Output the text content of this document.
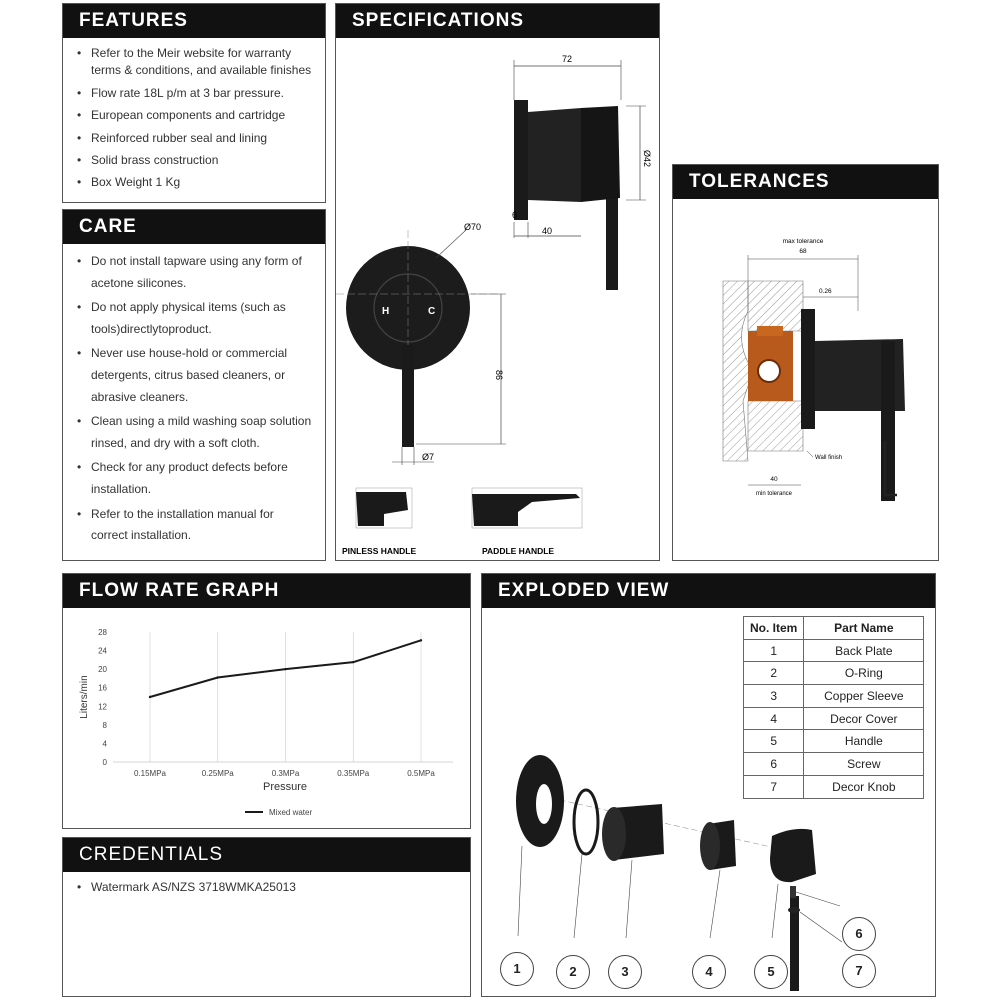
FEATURES
• Refer to the Meir website for warranty terms & conditions, and available finishes
• Flow rate 18L p/m at 3 bar pressure.
• European components and cartridge
• Reinforced rubber seal and lining
• Solid brass construction
• Box Weight 1 Kg
CARE
• Do not install tapware using any form of acetone silicones.
• Do not apply physical items (such as tools)directlytoproduct.
• Never use house-hold or commercial detergents, citrus based cleaners, or abrasive cleaners.
• Clean using a mild washing soap solution rinsed, and dry with a soft cloth.
• Check for any product defects before installation.
• Refer to the installation manual for correct installation.
SPECIFICATIONS
72
Ø42
6
40
H	C
Ø70
86
Ø7
PINLESS HANDLE	PADDLE HANDLE
TOLERANCES
max tolerance
68
0.26
Wall finish
40
min tolerance
FLOW RATE GRAPH
0.15MPa	0.25MPa	0.3MPa	0.35MPa	0.5MPa
0
4
8
12
16
20
24
28
Liters/min
Pressure
Mixed water
CREDENTIALS
• Watermark AS/NZS 3718WMKA25013
EXPLODED VIEW
No. Item	Part Name
1	Back Plate
2	O-Ring
3	Copper Sleeve
4	Decor Cover
5	Handle
6	Screw
7	Decor Knob
1	2	3	4	5
6
7
